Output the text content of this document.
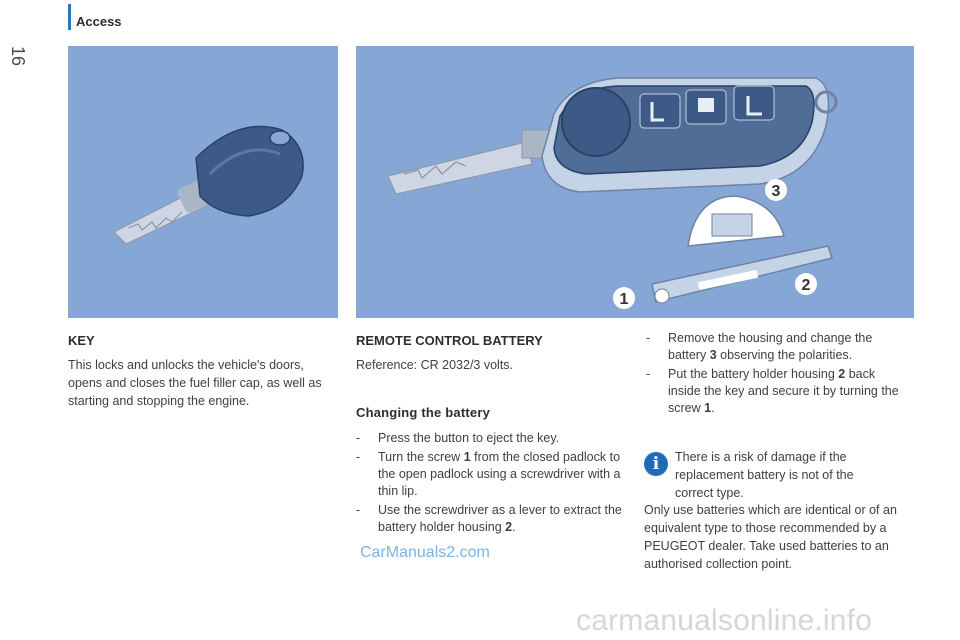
Access
16
1
2
3
KEY

This locks and unlocks the vehicle's doors, opens and closes the fuel filler cap, as well as starting and stopping the engine.

REMOTE CONTROL BATTERY

Reference: CR 2032/3 volts.

Changing the battery
-	Press the button to eject the key.
-	Turn the screw 1 from the closed padlock to the open padlock using a screwdriver with a thin lip.
-	Use the screwdriver as a lever to extract the battery holder housing 2.
-	Remove the housing and change the battery 3 observing the polarities.
-	Put the battery holder housing 2 back inside the key and secure it by turning the screw 1.
i	There is a risk of damage if the replacement battery is not of the correct type.

Only use batteries which are identical or of an equivalent type to those recommended by a PEUGEOT dealer. Take used batteries to an authorised collection point.

CarManuals2.com
carmanualsonline.info
